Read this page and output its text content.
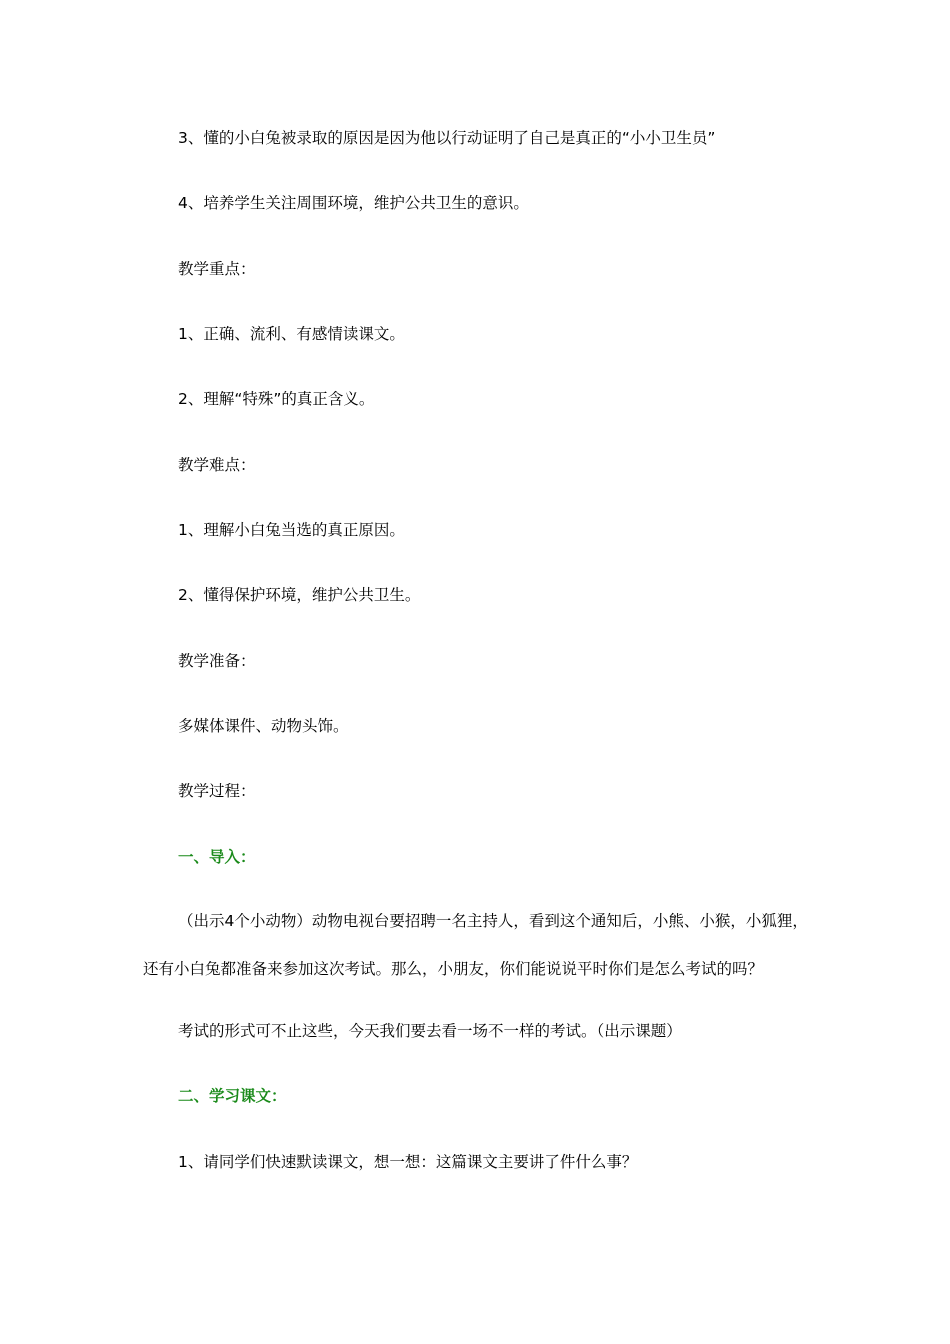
3、懂的小白兔被录取的原因是因为他以行动证明了自己是真正的“小小卫生员”
4、培养学生关注周围环境，维护公共卫生的意识。
教学重点：
1、正确、流利、有感情读课文。
2、理解“特殊”的真正含义。
教学难点：
1、理解小白兔当选的真正原因。
2、懂得保护环境，维护公共卫生。
教学准备：
多媒体课件、动物头饰。
教学过程：
一、导入：
（出示4个小动物）动物电视台要招聘一名主持人，看到这个通知后，小熊、小猴，小狐狸，
还有小白兔都准备来参加这次考试。那么，小朋友，你们能说说平时你们是怎么考试的吗？
考试的形式可不止这些，今天我们要去看一场不一样的考试。（出示课题）
二、学习课文：
1、请同学们快速默读课文，想一想：这篇课文主要讲了件什么事？
